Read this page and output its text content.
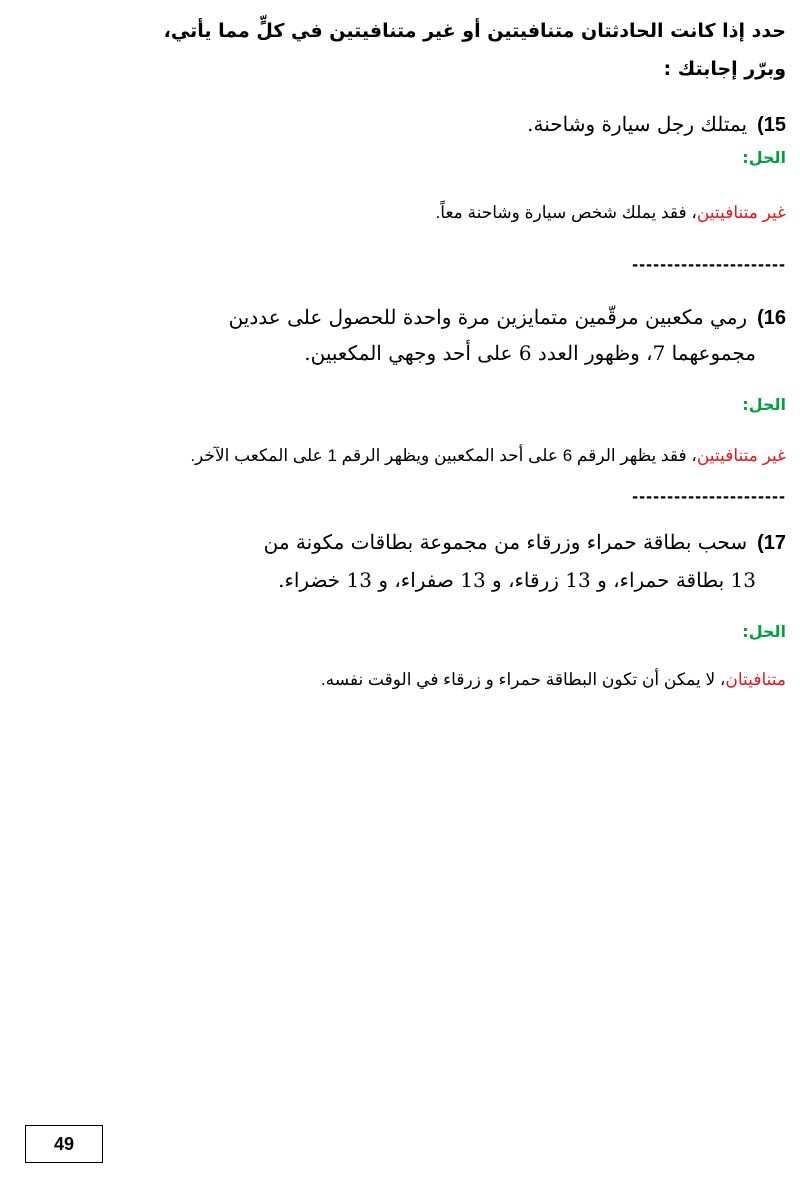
حدد إذا كانت الحادثتان متنافيتين أو غير متنافيتين في كلٍّ مما يأتي،
وبرّر إجابتك :
15)يمتلك رجل سيارة وشاحنة.
الحل:
غير متنافيتين، فقد يملك شخص سيارة وشاحنة معاً.
----------------------
16)رمي مكعبين مرقّمين متمايزين مرة واحدة للحصول على عددين
مجموعهما 7، وظهور العدد 6 على أحد وجهي المكعبين.
الحل:
غير متنافيتين، فقد يظهر الرقم 6 على أحد المكعبين ويظهر الرقم 1 على المكعب الآخر.
----------------------
17)سحب بطاقة حمراء وزرقاء من مجموعة بطاقات مكونة من
13 بطاقة حمراء، و 13 زرقاء، و 13 صفراء، و 13 خضراء.
الحل:
متنافيتان، لا يمكن أن تكون البطاقة حمراء و زرقاء في الوقت نفسه.
49
